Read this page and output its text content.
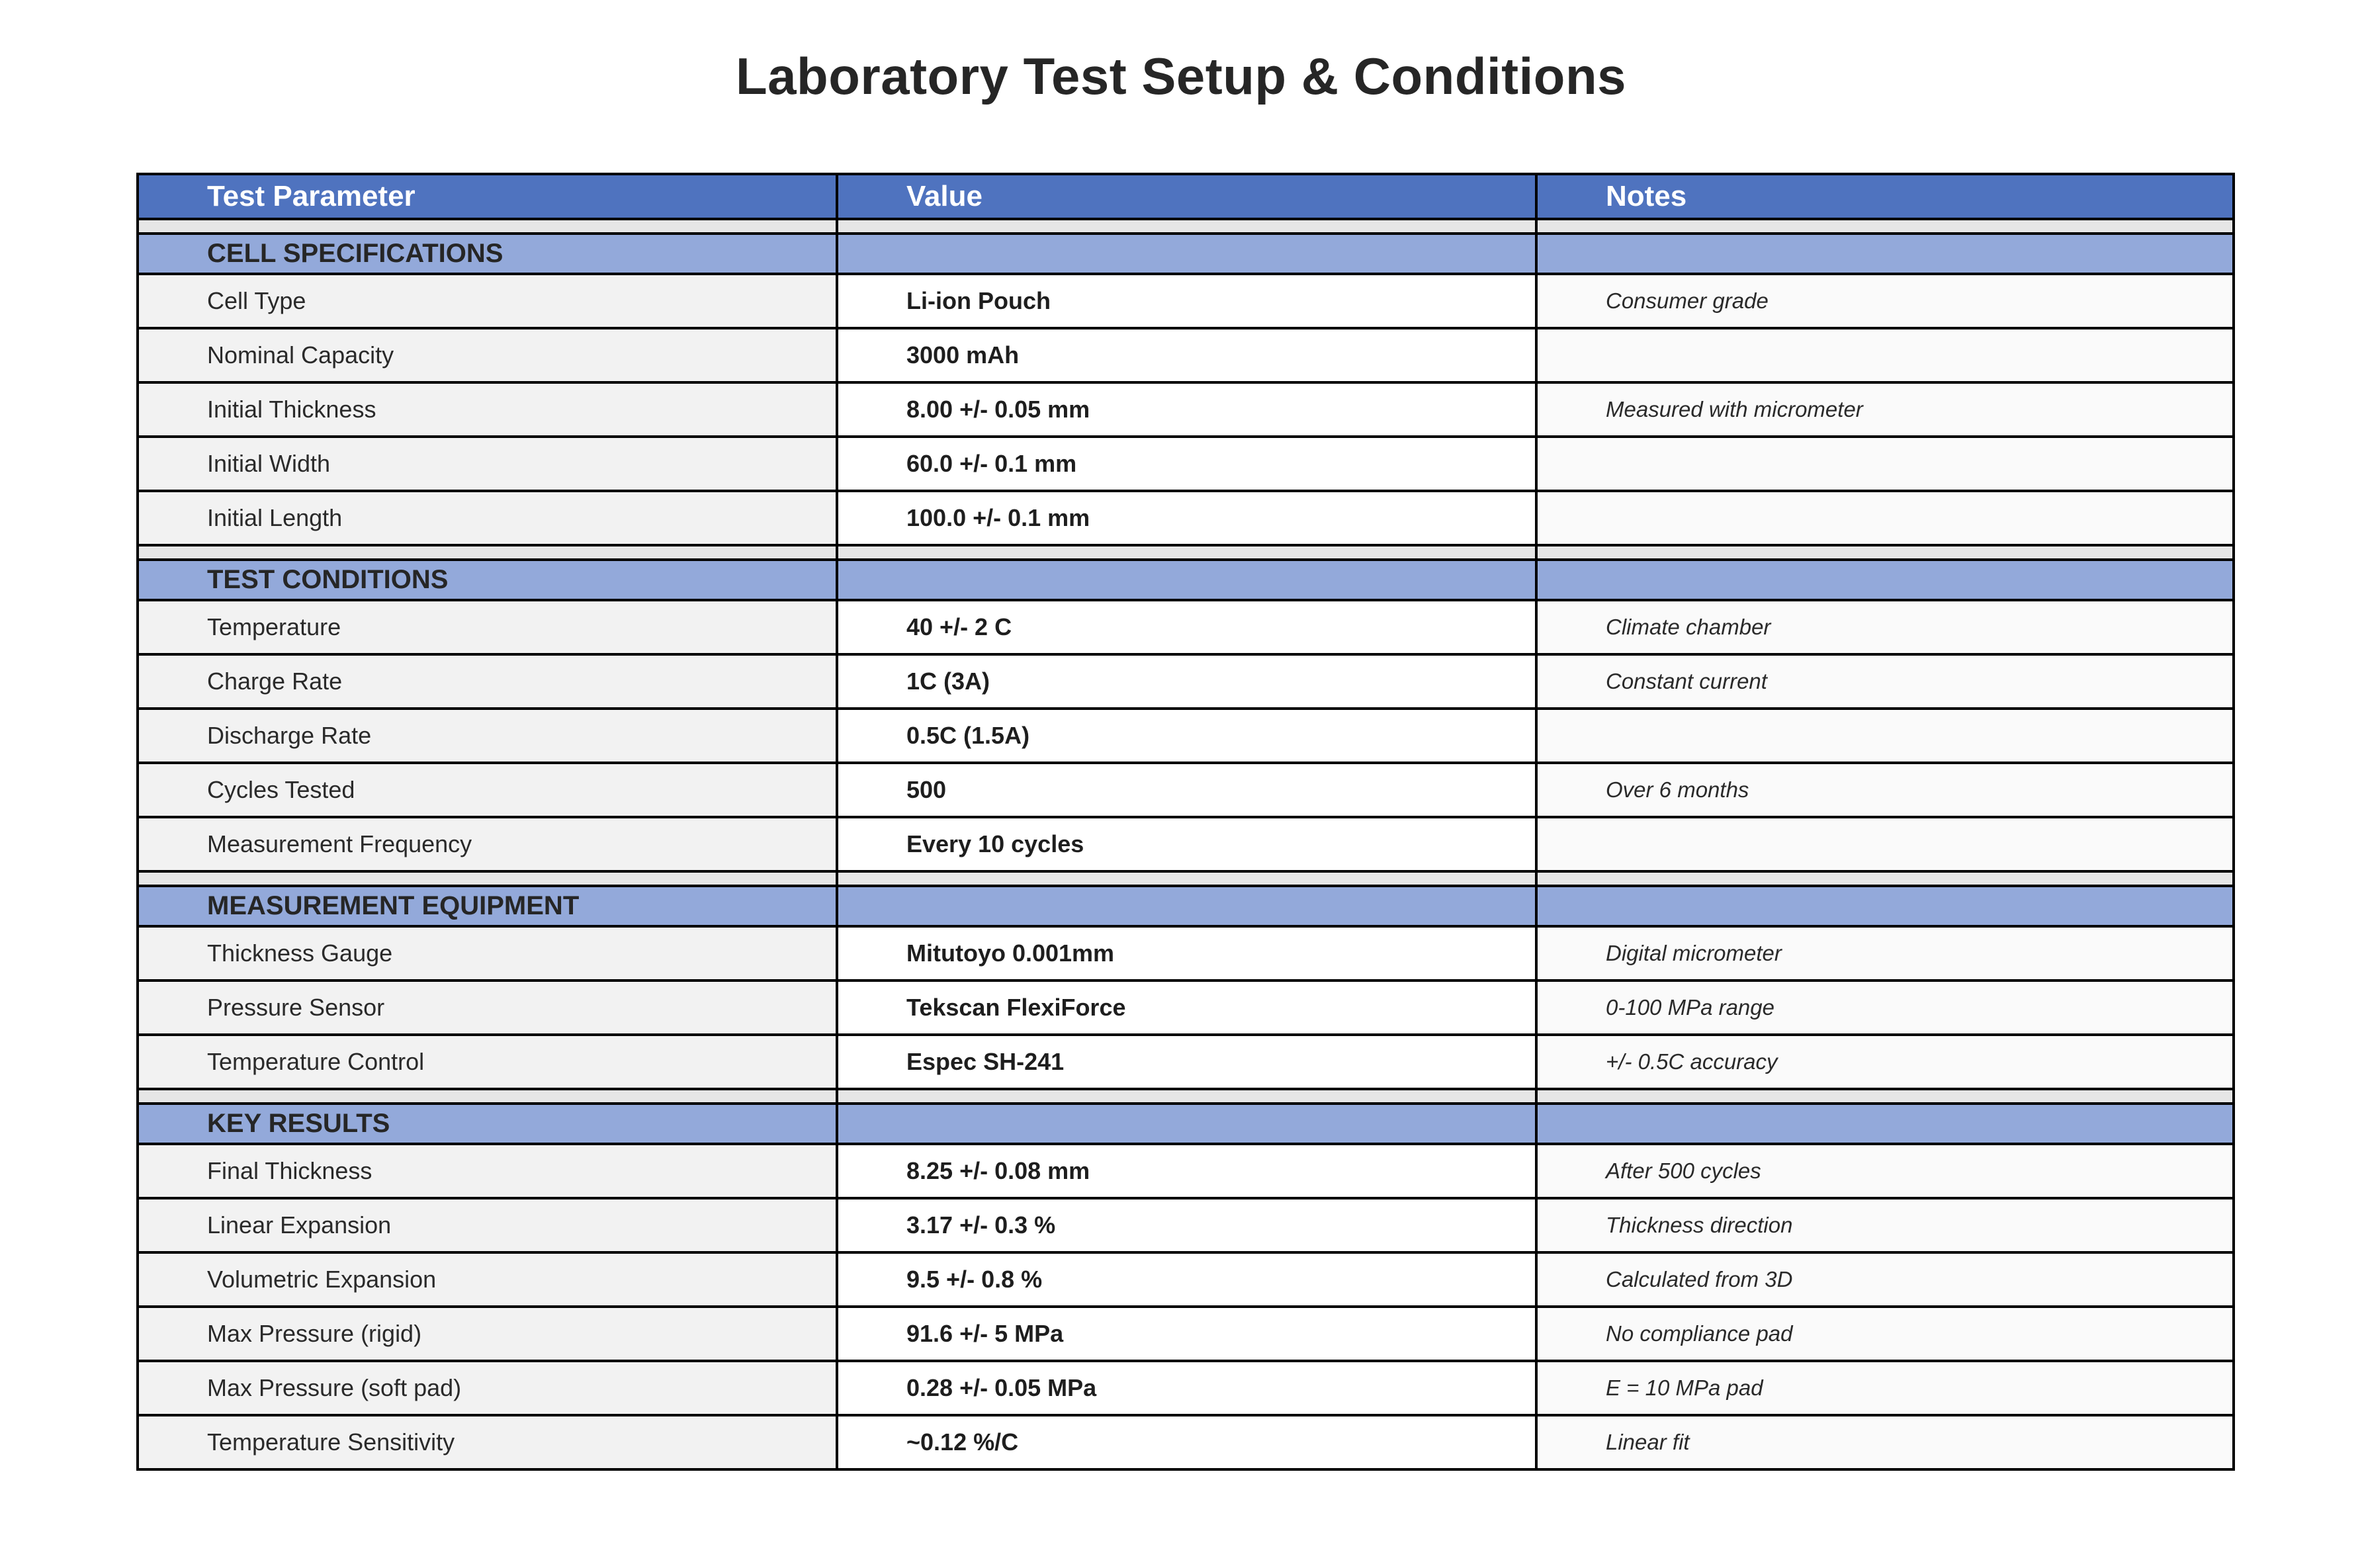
Laboratory Test Setup & Conditions
Test Parameter	Value	Notes

CELL SPECIFICATIONS		
Cell Type	Li-ion Pouch	Consumer grade
Nominal Capacity	3000 mAh	
Initial Thickness	8.00 +/- 0.05 mm	Measured with micrometer
Initial Width	60.0 +/- 0.1 mm	
Initial Length	100.0 +/- 0.1 mm	

TEST CONDITIONS		
Temperature	40 +/- 2 C	Climate chamber
Charge Rate	1C (3A)	Constant current
Discharge Rate	0.5C (1.5A)	
Cycles Tested	500	Over 6 months
Measurement Frequency	Every 10 cycles	

MEASUREMENT EQUIPMENT		
Thickness Gauge	Mitutoyo 0.001mm	Digital micrometer
Pressure Sensor	Tekscan FlexiForce	0-100 MPa range
Temperature Control	Espec SH-241	+/- 0.5C accuracy

KEY RESULTS		
Final Thickness	8.25 +/- 0.08 mm	After 500 cycles
Linear Expansion	3.17 +/- 0.3 %	Thickness direction
Volumetric Expansion	9.5 +/- 0.8 %	Calculated from 3D
Max Pressure (rigid)	91.6 +/- 5 MPa	No compliance pad
Max Pressure (soft pad)	0.28 +/- 0.05 MPa	E = 10 MPa pad
Temperature Sensitivity	~0.12 %/C	Linear fit
